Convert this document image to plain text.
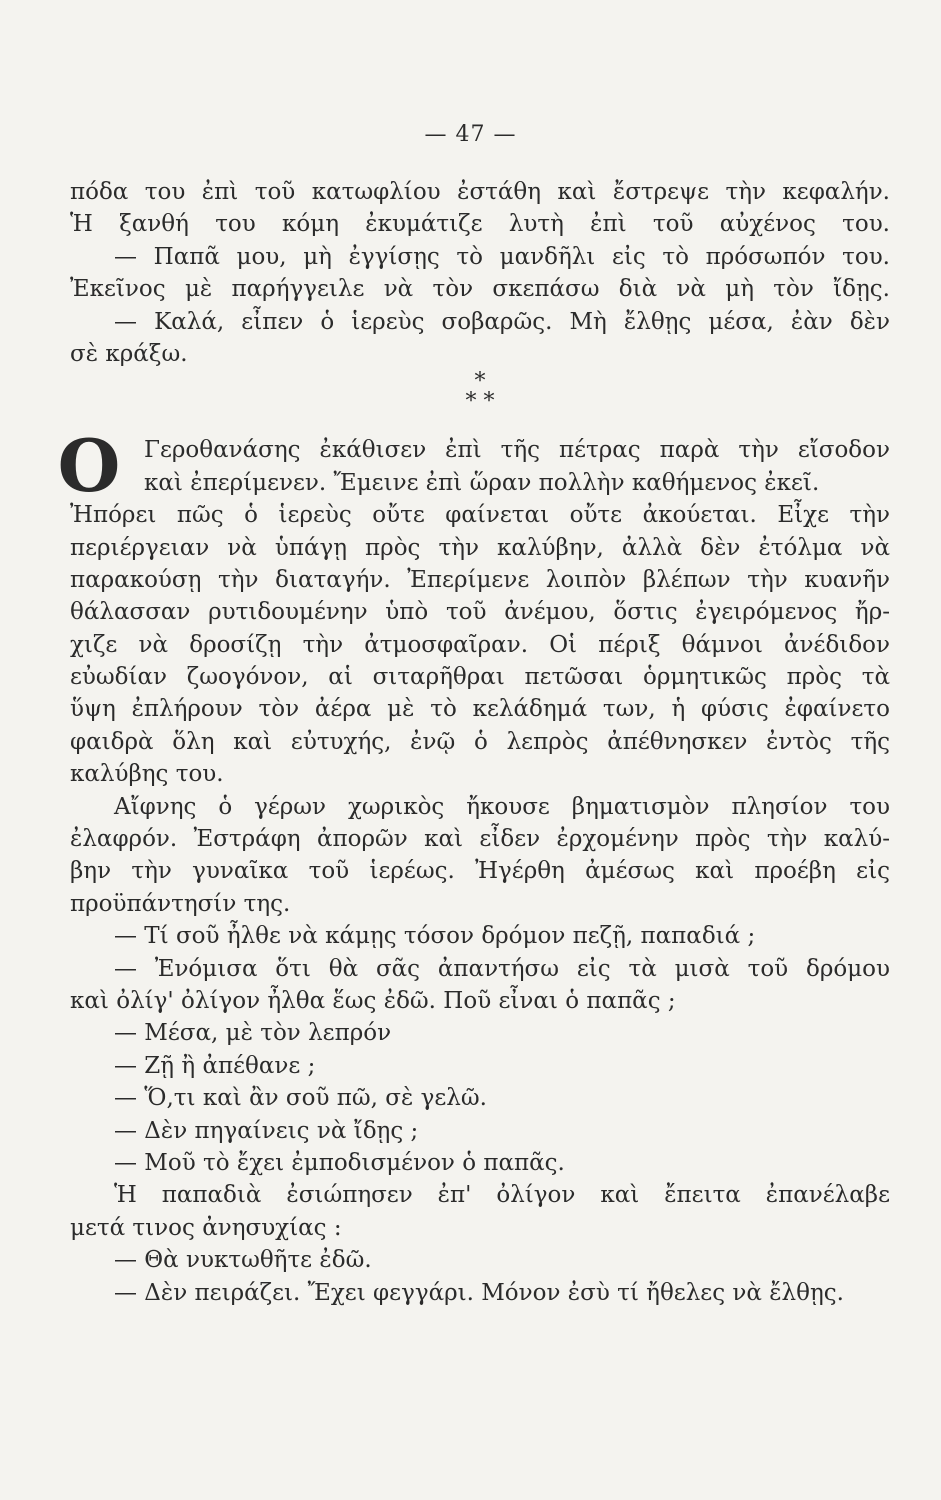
— 47 —
πόδα του ἐπὶ τοῦ κατωφλίου ἐστάθη καὶ ἔστρεψε τὴν κεφαλήν.
Ἡ ξανθή του κόμη ἐκυμάτιζε λυτὴ ἐπὶ τοῦ αὐχένος του.
— Παπᾶ μου, μὴ ἐγγίσῃς τὸ μανδῆλι εἰς τὸ πρόσωπόν του.
Ἐκεῖνος μὲ παρήγγειλε νὰ τὸν σκεπάσω διὰ νὰ μὴ τὸν ἴδῃς.
— Καλά, εἶπεν ὁ ἱερεὺς σοβαρῶς. Μὴ ἔλθῃς μέσα, ἐὰν δὲν
σὲ κράξω.
*
* *
O	Γεροθανάσης ἐκάθισεν ἐπὶ τῆς πέτρας παρὰ τὴν εἴσοδον
καὶ ἐπερίμενεν. Ἔμεινε ἐπὶ ὥραν πολλὴν καθήμενος ἐκεῖ.
Ἠπόρει πῶς ὁ ἱερεὺς οὔτε φαίνεται οὔτε ἀκούεται. Εἶχε τὴν
περιέργειαν νὰ ὑπάγῃ πρὸς τὴν καλύβην, ἀλλὰ δὲν ἐτόλμα νὰ
παρακούσῃ τὴν διαταγήν. Ἐπερίμενε λοιπὸν βλέπων τὴν κυανῆν
θάλασσαν ρυτιδουμένην ὑπὸ τοῦ ἀνέμου, ὅστις ἐγειρόμενος ἤρ-
χιζε νὰ δροσίζῃ τὴν ἀτμοσφαῖραν. Οἱ πέριξ θάμνοι ἀνέδιδον
εὐωδίαν ζωογόνον, αἱ σιταρῆθραι πετῶσαι ὁρμητικῶς πρὸς τὰ
ὕψη ἐπλήρουν τὸν ἀέρα μὲ τὸ κελάδημά των, ἡ φύσις ἐφαίνετο
φαιδρὰ ὅλη καὶ εὐτυχής, ἐνῷ ὁ λεπρὸς ἀπέθνησκεν ἐντὸς τῆς
καλύβης του.
Αἴφνης ὁ γέρων χωρικὸς ἤκουσε βηματισμὸν πλησίον του
ἐλαφρόν. Ἐστράφη ἀπορῶν καὶ εἶδεν ἐρχομένην πρὸς τὴν καλύ-
βην τὴν γυναῖκα τοῦ ἱερέως. Ἠγέρθη ἀμέσως καὶ προέβη εἰς
προϋπάντησίν της.
— Τί σοῦ ἦλθε νὰ κάμῃς τόσον δρόμον πεζῇ, παπαδιά ;
— Ἐνόμισα ὅτι θὰ σᾶς ἀπαντήσω εἰς τὰ μισὰ τοῦ δρόμου
καὶ ὀλίγ' ὀλίγον ἦλθα ἕως ἐδῶ. Ποῦ εἶναι ὁ παπᾶς ;
— Μέσα, μὲ τὸν λεπρόν
— Ζῇ ἢ ἀπέθανε ;
— Ὅ,τι καὶ ἂν σοῦ πῶ, σὲ γελῶ.
— Δὲν πηγαίνεις νὰ ἴδῃς ;
— Μοῦ τὸ ἔχει ἐμποδισμένον ὁ παπᾶς.
Ἡ παπαδιὰ ἐσιώπησεν ἐπ' ὀλίγον καὶ ἔπειτα ἐπανέλαβε
μετά τινος ἀνησυχίας :
— Θὰ νυκτωθῆτε ἐδῶ.
— Δὲν πειράζει. Ἔχει φεγγάρι. Μόνον ἐσὺ τί ἤθελες νὰ ἔλθῃς.
